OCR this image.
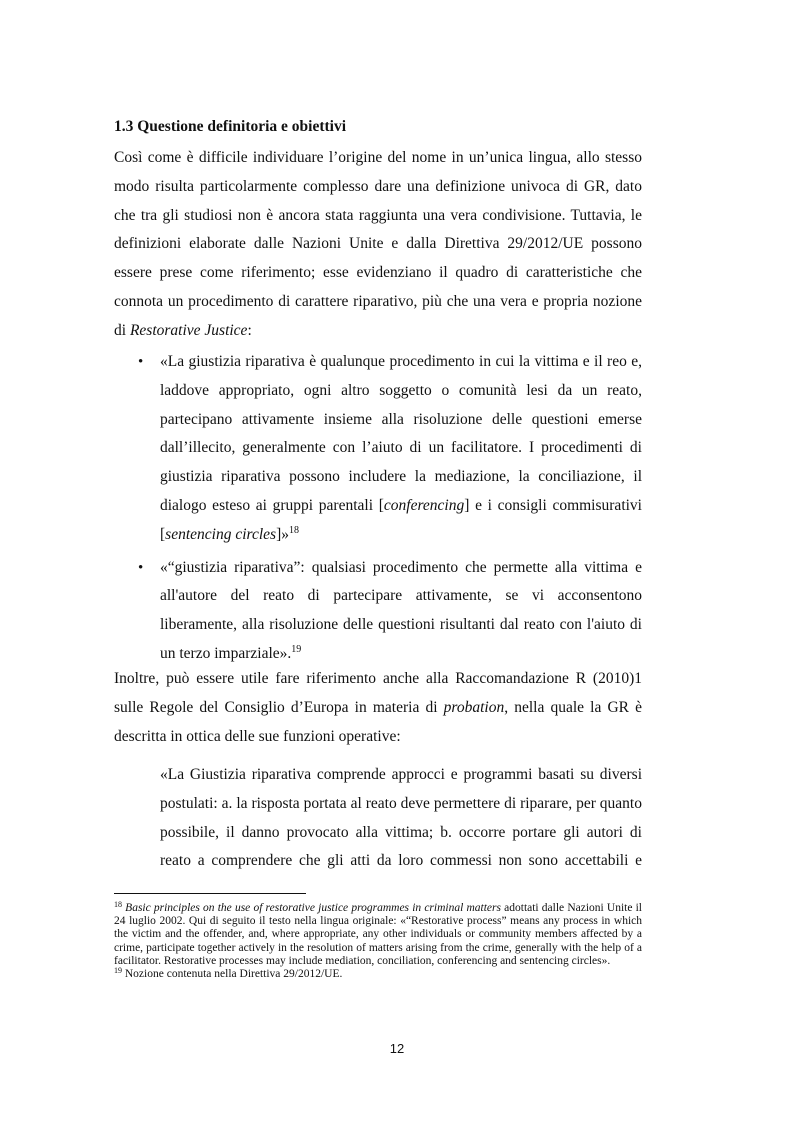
1.3 Questione definitoria e obiettivi
Così come è difficile individuare l’origine del nome in un’unica lingua, allo stesso modo risulta particolarmente complesso dare una definizione univoca di GR, dato che tra gli studiosi non è ancora stata raggiunta una vera condivisione. Tuttavia, le definizioni elaborate dalle Nazioni Unite e dalla Direttiva 29/2012/UE possono essere prese come riferimento; esse evidenziano il quadro di caratteristiche che connota un procedimento di carattere riparativo, più che una vera e propria nozione di Restorative Justice:
• «La giustizia riparativa è qualunque procedimento in cui la vittima e il reo e, laddove appropriato, ogni altro soggetto o comunità lesi da un reato, partecipano attivamente insieme alla risoluzione delle questioni emerse dall’illecito, generalmente con l’aiuto di un facilitatore. I procedimenti di giustizia riparativa possono includere la mediazione, la conciliazione, il dialogo esteso ai gruppi parentali [conferencing] e i consigli commisurativi [sentencing circles]»$^{18}$
• «“giustizia riparativa”: qualsiasi procedimento che permette alla vittima e all'autore del reato di partecipare attivamente, se vi acconsentono liberamente, alla risoluzione delle questioni risultanti dal reato con l'aiuto di un terzo imparziale».$^{19}$
Inoltre, può essere utile fare riferimento anche alla Raccomandazione R (2010)1 sulle Regole del Consiglio d’Europa in materia di probation, nella quale la GR è descritta in ottica delle sue funzioni operative:
«La Giustizia riparativa comprende approcci e programmi basati su diversi postulati: a. la risposta portata al reato deve permettere di riparare, per quanto possibile, il danno provocato alla vittima; b. occorre portare gli autori di reato a comprendere che gli atti da loro commessi non sono accettabili e

$^{18}$ Basic principles on the use of restorative justice programmes in criminal matters adottati dalle Nazioni Unite il 24 luglio 2002. Qui di seguito il testo nella lingua originale: «“Restorative process” means any process in which the victim and the offender, and, where appropriate, any other individuals or community members affected by a crime, participate together actively in the resolution of matters arising from the crime, generally with the help of a facilitator. Restorative processes may include mediation, conciliation, conferencing and sentencing circles».

$^{19}$ Nozione contenuta nella Direttiva 29/2012/UE.

12
